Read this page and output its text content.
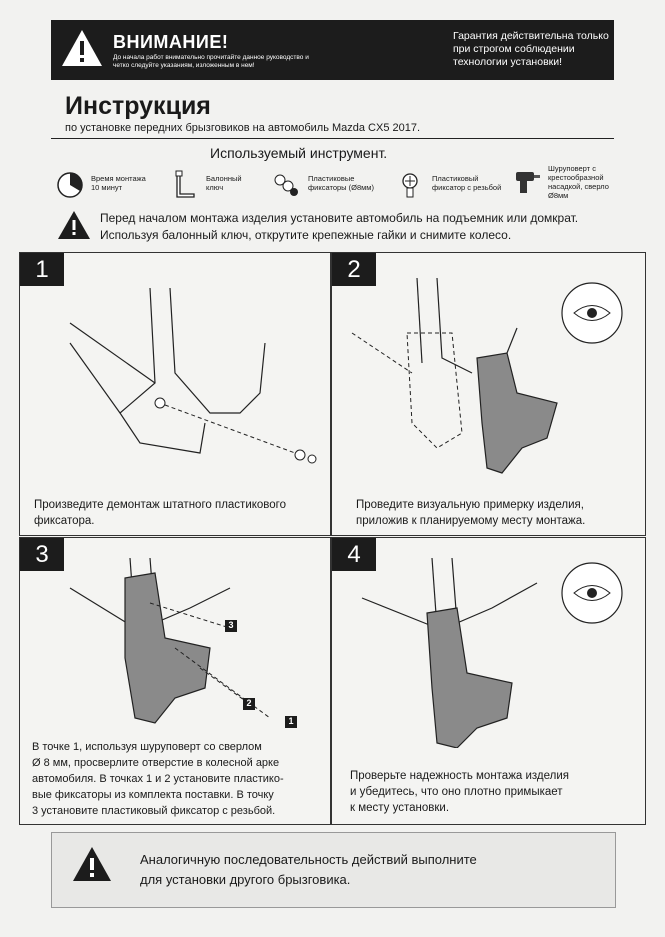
ВНИМАНИЕ!
До начала работ внимательно прочитайте данное руководство и четко следуйте указаниям, изложенным в нем!
Гарантия действительна только при строгом соблюдении технологии установки!
Инструкция
по установке передних брызговиков на автомобиль Mazda CX5 2017.
Используемый инструмент.
Время монтажа 10 минут
Балонный ключ
Пластиковые фиксаторы (Ø8мм)
Пластиковый фиксатор с резьбой
Шуруповерт с крестообразной насадкой, сверло Ø8мм
Перед началом монтажа изделия установите автомобиль на подъемник или домкрат.
Используя балонный ключ, открутите крепежные гайки и снимите колесо.
1
Произведите демонтаж штатного пластикового
фиксатора.
2
Проведите визуальную примерку изделия,
приложив к планируемому месту монтажа.
3
3
2
1
В точке 1, используя шуруповерт со сверлом
Ø 8 мм, просверлите отверстие в колесной арке
автомобиля. В точках 1 и 2 установите пластико-
вые фиксаторы из комплекта поставки. В точку
3 установите пластиковый фиксатор с резьбой.
4
Проверьте надежность монтажа изделия
и убедитесь, что оно плотно примыкает
к месту установки.
Аналогичную последовательность действий выполните
для установки другого брызговика.
